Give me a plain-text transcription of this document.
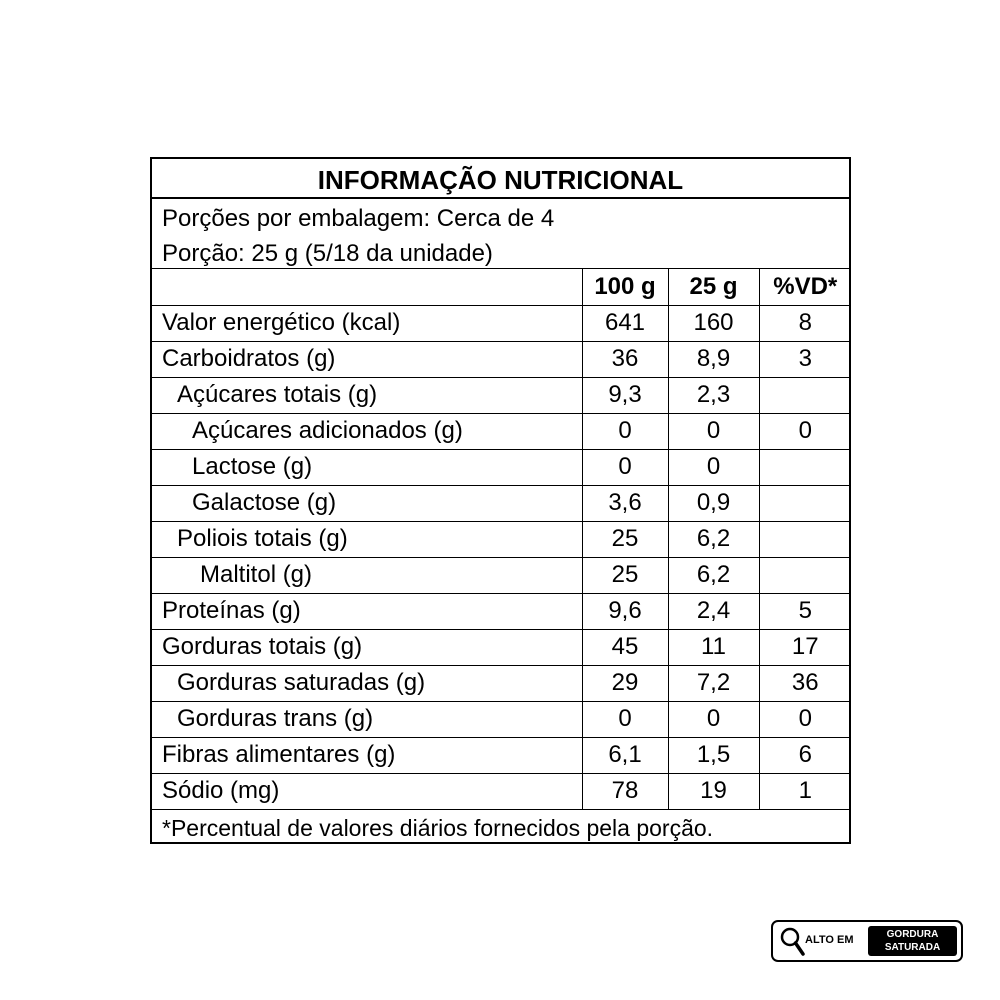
INFORMAÇÃO NUTRICIONAL
Porções por embalagem: Cerca de 4
Porção: 25 g (5/18 da unidade)
	100 g	25 g	%VD*
Valor energético (kcal)	641	160	8
Carboidratos (g)	36	8,9	3
Açúcares totais (g)	9,3	2,3	
Açúcares adicionados (g)	0	0	0
Lactose (g)	0	0	
Galactose (g)	3,6	0,9	
Poliois totais (g)	25	6,2	
Maltitol (g)	25	6,2	
Proteínas (g)	9,6	2,4	5
Gorduras totais (g)	45	11	17
Gorduras saturadas (g)	29	7,2	36
Gorduras trans (g)	0	0	0
Fibras alimentares (g)	6,1	1,5	6
Sódio (mg)	78	19	1
*Percentual de valores diários fornecidos pela porção.
ALTO EM	GORDURA
SATURADA
